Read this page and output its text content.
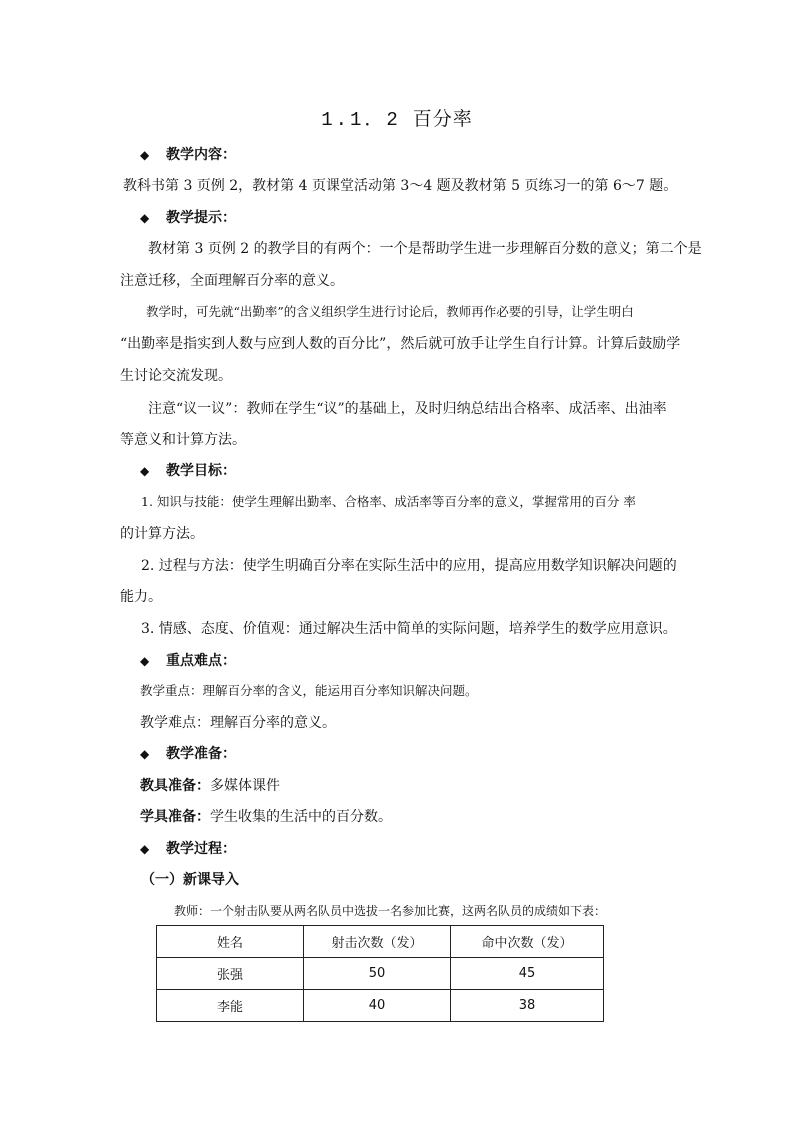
1.1．2 百分率
◆ 教学内容：
教科书第 3 页例 2，教材第 4 页课堂活动第 3～4 题及教材第 5 页练习一的第 6～7 题。
◆ 教学提示：
教材第 3 页例 2 的教学目的有两个：一个是帮助学生进一步理解百分数的意义；第二个是
注意迁移，全面理解百分率的意义。
教学时，可先就“出勤率”的含义组织学生进行讨论后，教师再作必要的引导，让学生明白
“出勤率是指实到人数与应到人数的百分比”，然后就可放手让学生自行计算。计算后鼓励学
生讨论交流发现。
注意“议一议”：教师在学生“议”的基础上，及时归纳总结出合格率、成活率、出油率
等意义和计算方法。
◆ 教学目标：
1. 知识与技能：使学生理解出勤率、合格率、成活率等百分率的意义，掌握常用的百分 率
的计算方法。
2. 过程与方法：使学生明确百分率在实际生活中的应用，提高应用数学知识解决问题的
能力。
3. 情感、态度、价值观：通过解决生活中简单的实际问题，培养学生的数学应用意识。
◆ 重点难点：
教学重点：理解百分率的含义，能运用百分率知识解决问题。
教学难点：理解百分率的意义。
◆ 教学准备：
教具准备：多媒体课件
学具准备：学生收集的生活中的百分数。
◆ 教学过程：
（一）新课导入
教师：一个射击队要从两名队员中选拔一名参加比赛，这两名队员的成绩如下表：
姓名	射击次数（发）	命中次数（发）
张强	50	45
李能	40	38
